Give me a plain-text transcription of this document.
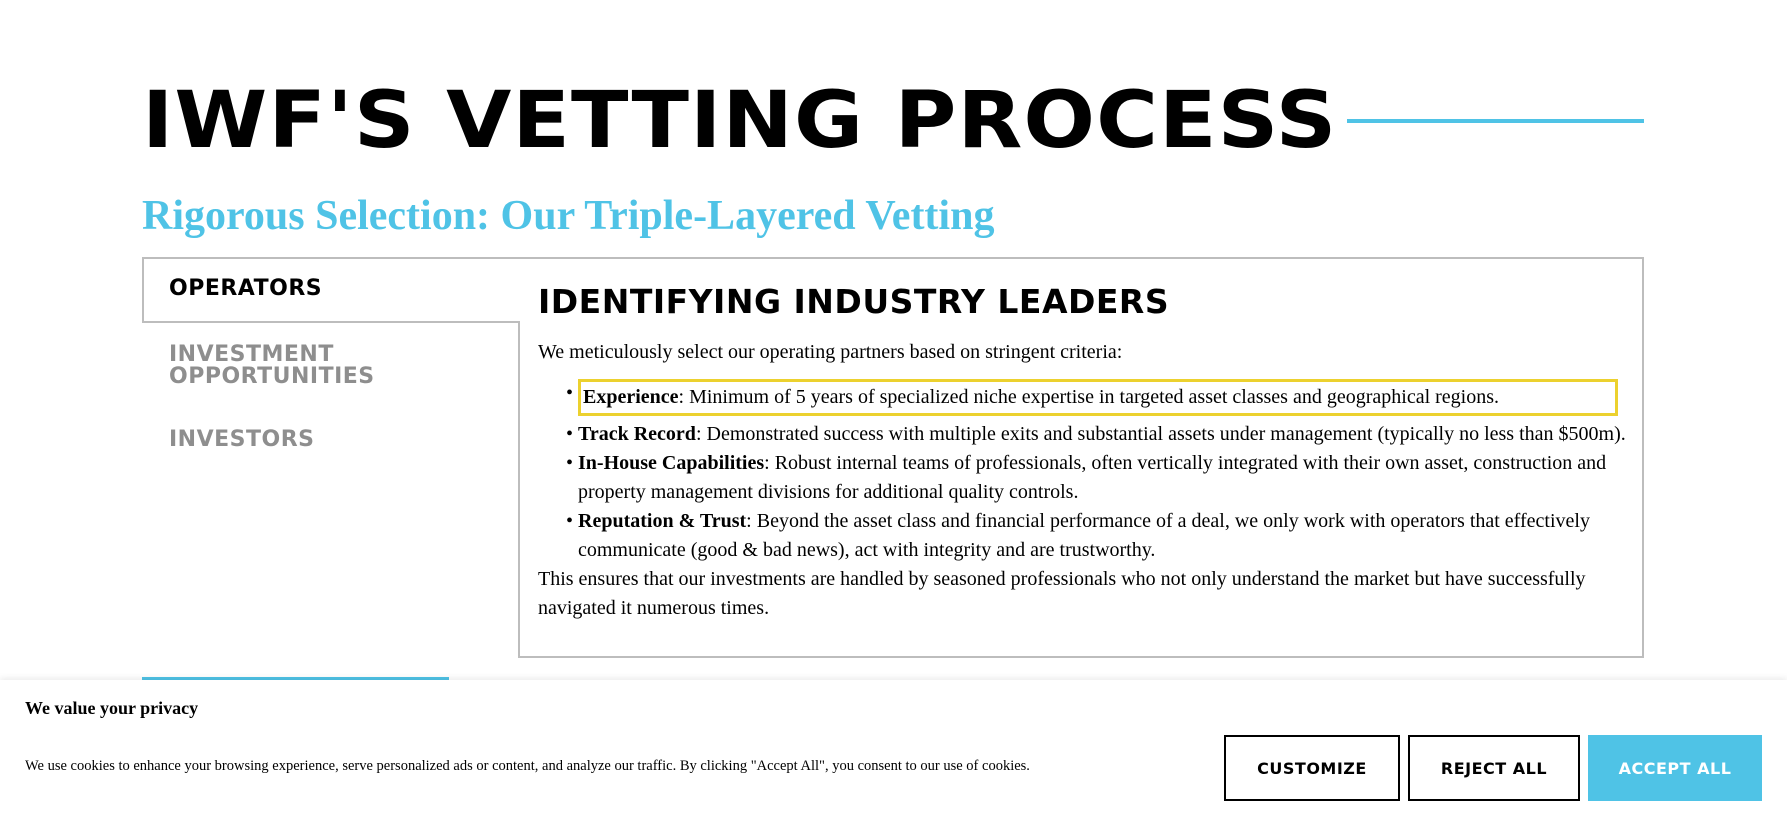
IWF'S VETTING PROCESS
Rigorous Selection: Our Triple-Layered Vetting
OPERATORS
INVESTMENT OPPORTUNITIES
INVESTORS
IDENTIFYING INDUSTRY LEADERS

We meticulously select our operating partners based on stringent criteria:

• Experience: Minimum of 5 years of specialized niche expertise in targeted asset classes and geographical regions.
• Track Record: Demonstrated success with multiple exits and substantial assets under management (typically no less than $500m).
• In-House Capabilities: Robust internal teams of professionals, often vertically integrated with their own asset, construction and property management divisions for additional quality controls.
• Reputation & Trust: Beyond the asset class and financial performance of a deal, we only work with operators that effectively communicate (good & bad news), act with integrity and are trustworthy.

This ensures that our investments are handled by seasoned professionals who not only understand the market but have successfully navigated it numerous times.

We value your privacy
We use cookies to enhance your browsing experience, serve personalized ads or content, and analyze our traffic. By clicking "Accept All", you consent to our use of cookies.	CUSTOMIZE	REJECT ALL	ACCEPT ALL
